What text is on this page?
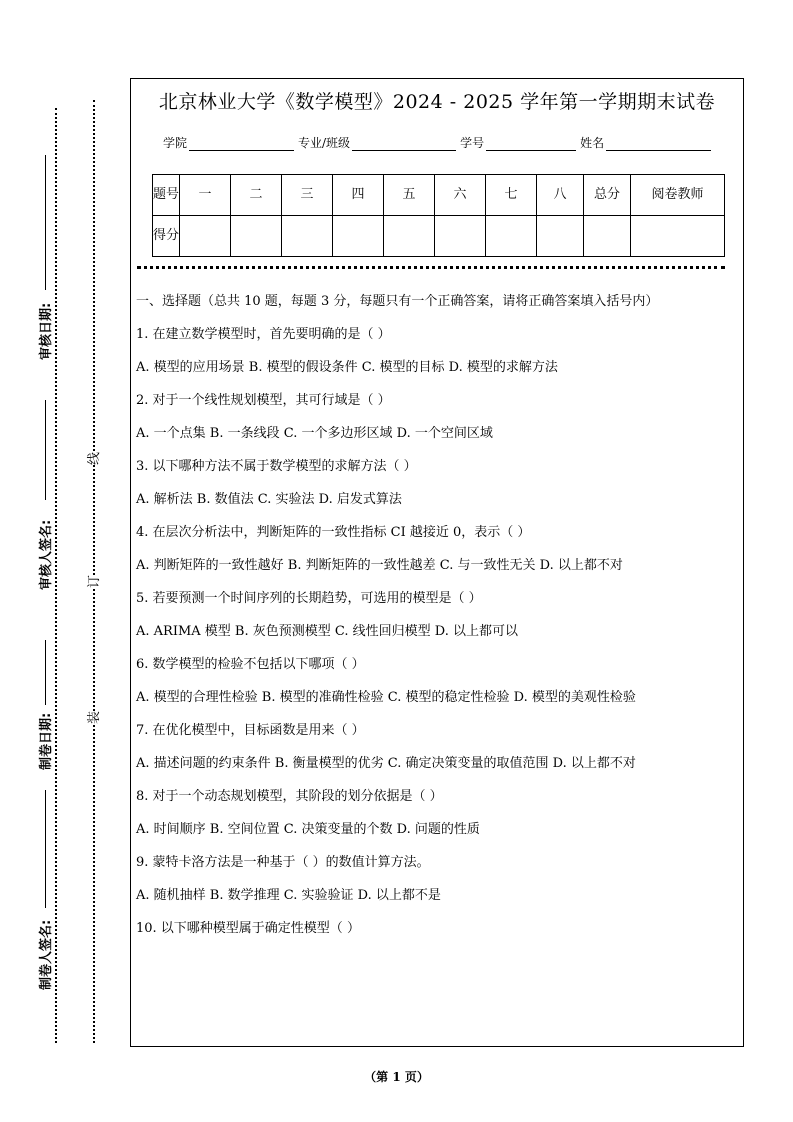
审核日期:
审核人签名:
制卷日期:
制卷人签名:
线
订
装
北京林业大学《数学模型》2024 - 2025 学年第一学期期末试卷
学院	专业/班级	学号	姓名
题号	一	二	三	四	五	六	七	八	总分	阅卷教师
得分										

一、选择题（总共 10 题，每题 3 分，每题只有一个正确答案，请将正确答案填入括号内）

1. 在建立数学模型时，首先要明确的是（ ）

A. 模型的应用场景 B. 模型的假设条件 C. 模型的目标 D. 模型的求解方法

2. 对于一个线性规划模型，其可行域是（ ）

A. 一个点集 B. 一条线段 C. 一个多边形区域 D. 一个空间区域

3. 以下哪种方法不属于数学模型的求解方法（ ）

A. 解析法 B. 数值法 C. 实验法 D. 启发式算法

4. 在层次分析法中，判断矩阵的一致性指标 CI 越接近 0，表示（ ）

A. 判断矩阵的一致性越好 B. 判断矩阵的一致性越差 C. 与一致性无关 D. 以上都不对

5. 若要预测一个时间序列的长期趋势，可选用的模型是（ ）

A. ARIMA 模型 B. 灰色预测模型 C. 线性回归模型 D. 以上都可以

6. 数学模型的检验不包括以下哪项（ ）

A. 模型的合理性检验 B. 模型的准确性检验 C. 模型的稳定性检验 D. 模型的美观性检验

7. 在优化模型中，目标函数是用来（ ）

A. 描述问题的约束条件 B. 衡量模型的优劣 C. 确定决策变量的取值范围 D. 以上都不对

8. 对于一个动态规划模型，其阶段的划分依据是（ ）

A. 时间顺序 B. 空间位置 C. 决策变量的个数 D. 问题的性质

9. 蒙特卡洛方法是一种基于（ ）的数值计算方法。

A. 随机抽样 B. 数学推理 C. 实验验证 D. 以上都不是

10. 以下哪种模型属于确定性模型（ ）

（第 1 页）
